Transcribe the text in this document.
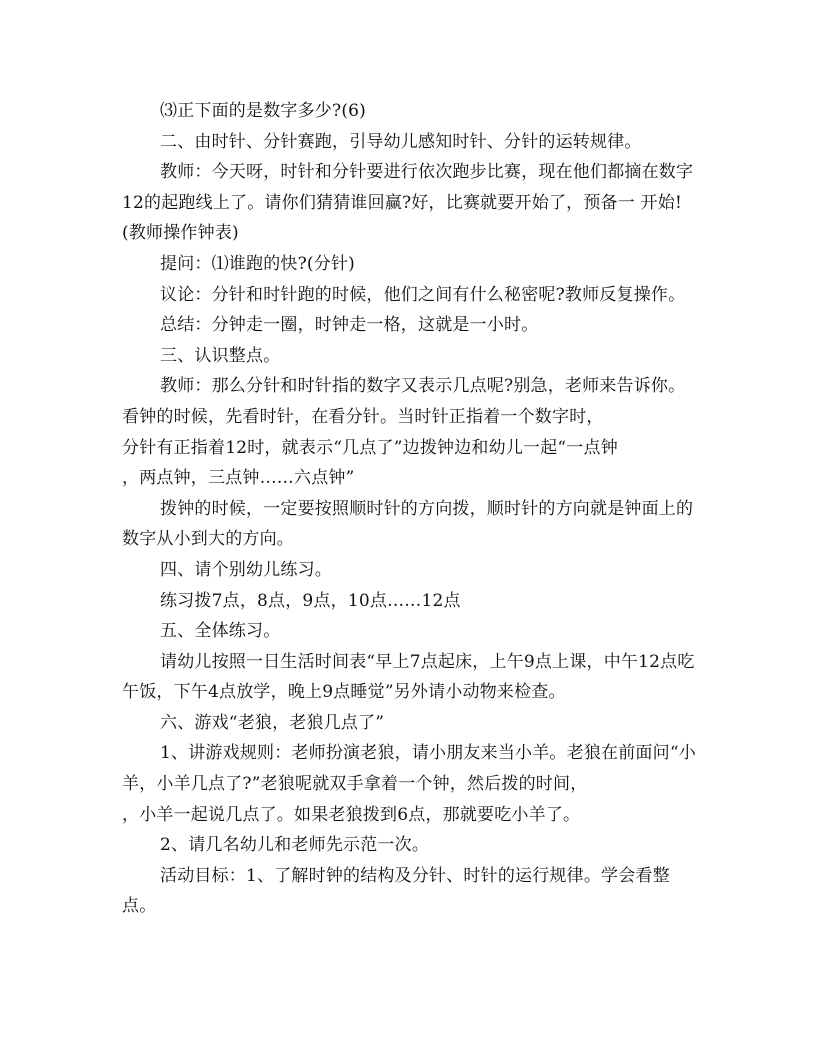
⑶正下面的是数字多少?(6)

二、由时针、分针赛跑，引导幼儿感知时针、分针的运转规律。

教师：今天呀，时针和分针要进行依次跑步比赛，现在他们都摘在数字12的起跑线上了。请你们猜猜谁回赢?好，比赛就要开始了，预备一 开始!(教师操作钟表)

提问：⑴谁跑的快?(分针)

议论：分针和时针跑的时候，他们之间有什么秘密呢?教师反复操作。

总结：分钟走一圈，时钟走一格，这就是一小时。

三、认识整点。

教师：那么分针和时针指的数字又表示几点呢?别急，老师来告诉你。看钟的时候，先看时针，在看分针。当时针正指着一个数字时，

分针有正指着12时，就表示“几点了”边拨钟边和幼儿一起“一点钟

，两点钟，三点钟……六点钟”

拨钟的时候，一定要按照顺时针的方向拨，顺时针的方向就是钟面上的数字从小到大的方向。

四、请个别幼儿练习。

练习拨7点，8点，9点，10点……12点

五、全体练习。

请幼儿按照一日生活时间表“早上7点起床，上午9点上课，中午12点吃午饭，下午4点放学，晚上9点睡觉”另外请小动物来检查。

六、游戏“老狼，老狼几点了”

1、讲游戏规则：老师扮演老狼，请小朋友来当小羊。老狼在前面问“小羊，小羊几点了?”老狼呢就双手拿着一个钟，然后拨的时间，

，小羊一起说几点了。如果老狼拨到6点，那就要吃小羊了。

2、请几名幼儿和老师先示范一次。

活动目标：1、了解时钟的结构及分针、时针的运行规律。学会看整点。
